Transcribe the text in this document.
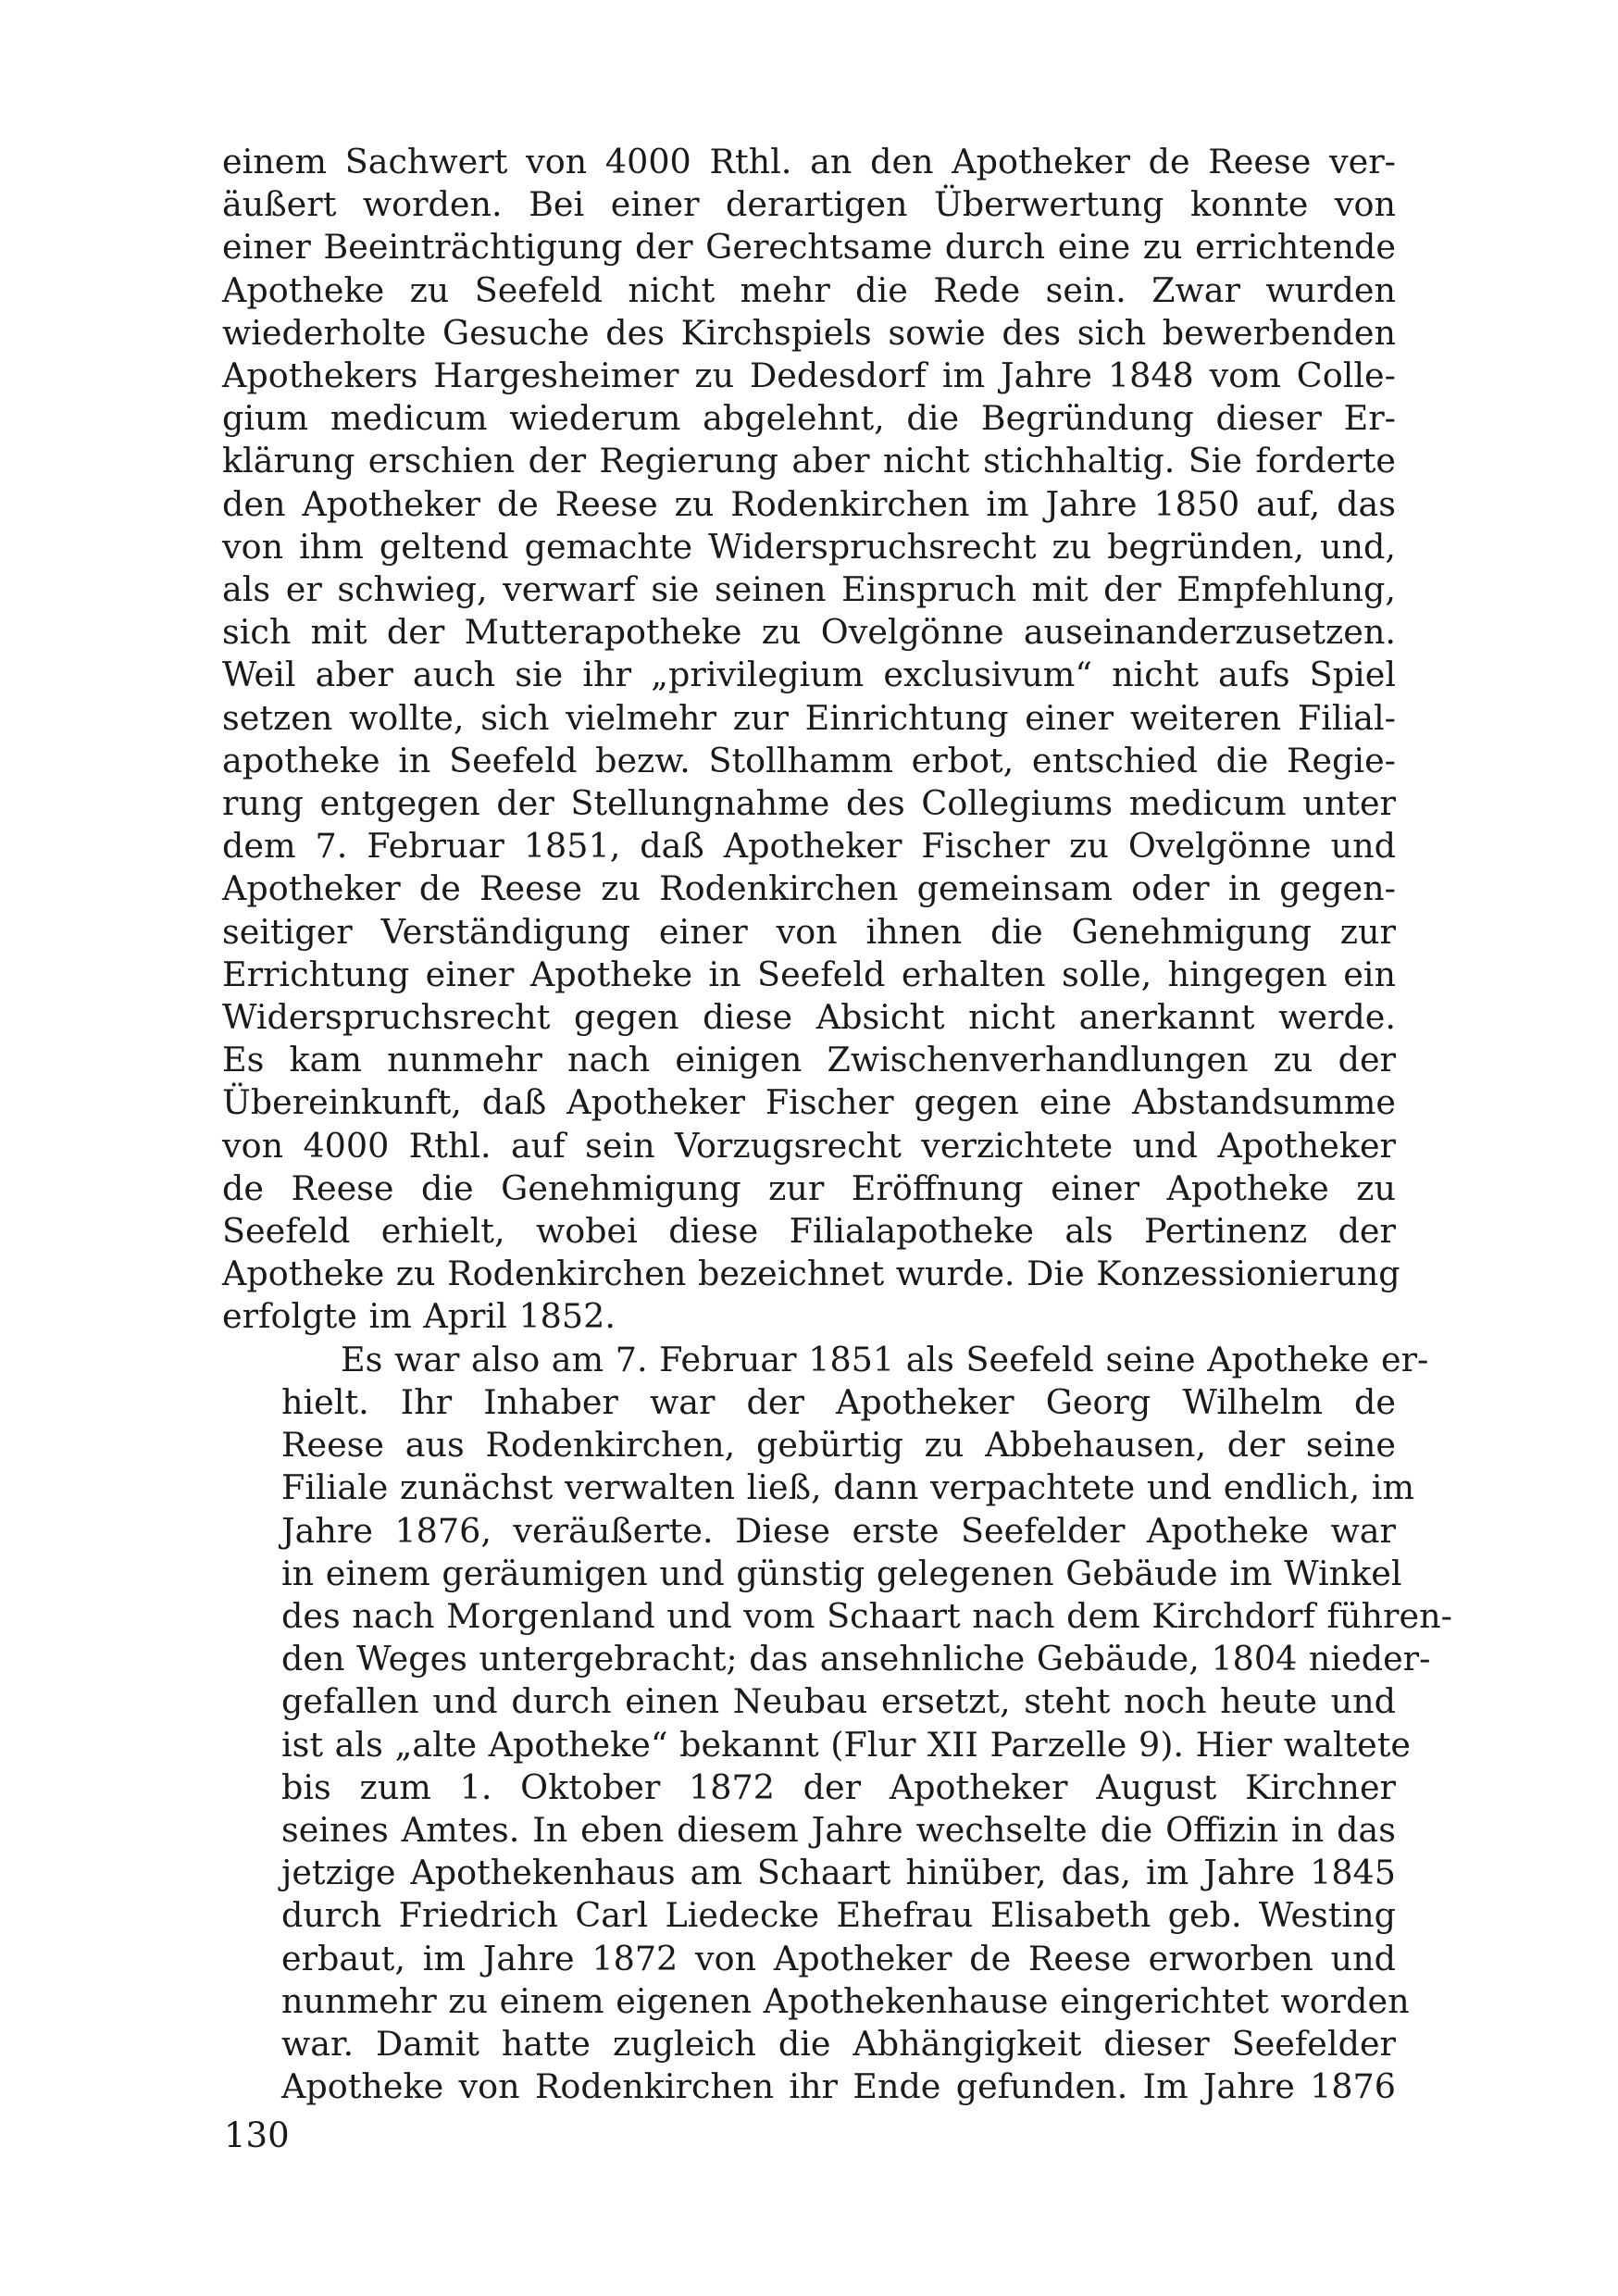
einem Sachwert von 4000 Rthl. an den Apotheker de Reese ver-
äußert worden. Bei einer derartigen Überwertung konnte von
einer Beeinträchtigung der Gerechtsame durch eine zu errichtende
Apotheke zu Seefeld nicht mehr die Rede sein. Zwar wurden
wiederholte Gesuche des Kirchspiels sowie des sich bewerbenden
Apothekers Hargesheimer zu Dedesdorf im Jahre 1848 vom Colle-
gium medicum wiederum abgelehnt, die Begründung dieser Er-
klärung erschien der Regierung aber nicht stichhaltig. Sie forderte
den Apotheker de Reese zu Rodenkirchen im Jahre 1850 auf, das
von ihm geltend gemachte Widerspruchsrecht zu begründen, und,
als er schwieg, verwarf sie seinen Einspruch mit der Empfehlung,
sich mit der Mutterapotheke zu Ovelgönne auseinanderzusetzen.
Weil aber auch sie ihr „privilegium exclusivum“ nicht aufs Spiel
setzen wollte, sich vielmehr zur Einrichtung einer weiteren Filial-
apotheke in Seefeld bezw. Stollhamm erbot, entschied die Regie-
rung entgegen der Stellungnahme des Collegiums medicum unter
dem 7. Februar 1851, daß Apotheker Fischer zu Ovelgönne und
Apotheker de Reese zu Rodenkirchen gemeinsam oder in gegen-
seitiger Verständigung einer von ihnen die Genehmigung zur
Errichtung einer Apotheke in Seefeld erhalten solle, hingegen ein
Widerspruchsrecht gegen diese Absicht nicht anerkannt werde.
Es kam nunmehr nach einigen Zwischenverhandlungen zu der
Übereinkunft, daß Apotheker Fischer gegen eine Abstandsumme
von 4000 Rthl. auf sein Vorzugsrecht verzichtete und Apotheker
de Reese die Genehmigung zur Eröffnung einer Apotheke zu
Seefeld erhielt, wobei diese Filialapotheke als Pertinenz der
Apotheke zu Rodenkirchen bezeichnet wurde. Die Konzessionierung
erfolgte im April 1852.
Es war also am 7. Februar 1851 als Seefeld seine Apotheke er-
hielt. Ihr Inhaber war der Apotheker Georg Wilhelm de
Reese aus Rodenkirchen, gebürtig zu Abbehausen, der seine
Filiale zunächst verwalten ließ, dann verpachtete und endlich, im
Jahre 1876, veräußerte. Diese erste Seefelder Apotheke war
in einem geräumigen und günstig gelegenen Gebäude im Winkel
des nach Morgenland und vom Schaart nach dem Kirchdorf führen-
den Weges untergebracht; das ansehnliche Gebäude, 1804 nieder-
gefallen und durch einen Neubau ersetzt, steht noch heute und
ist als „alte Apotheke“ bekannt (Flur XII Parzelle 9). Hier waltete
bis zum 1. Oktober 1872 der Apotheker August Kirchner
seines Amtes. In eben diesem Jahre wechselte die Offizin in das
jetzige Apothekenhaus am Schaart hinüber, das, im Jahre 1845
durch Friedrich Carl Liedecke Ehefrau Elisabeth geb. Westing
erbaut, im Jahre 1872 von Apotheker de Reese erworben und
nunmehr zu einem eigenen Apothekenhause eingerichtet worden
war. Damit hatte zugleich die Abhängigkeit dieser Seefelder
Apotheke von Rodenkirchen ihr Ende gefunden. Im Jahre 1876
130
